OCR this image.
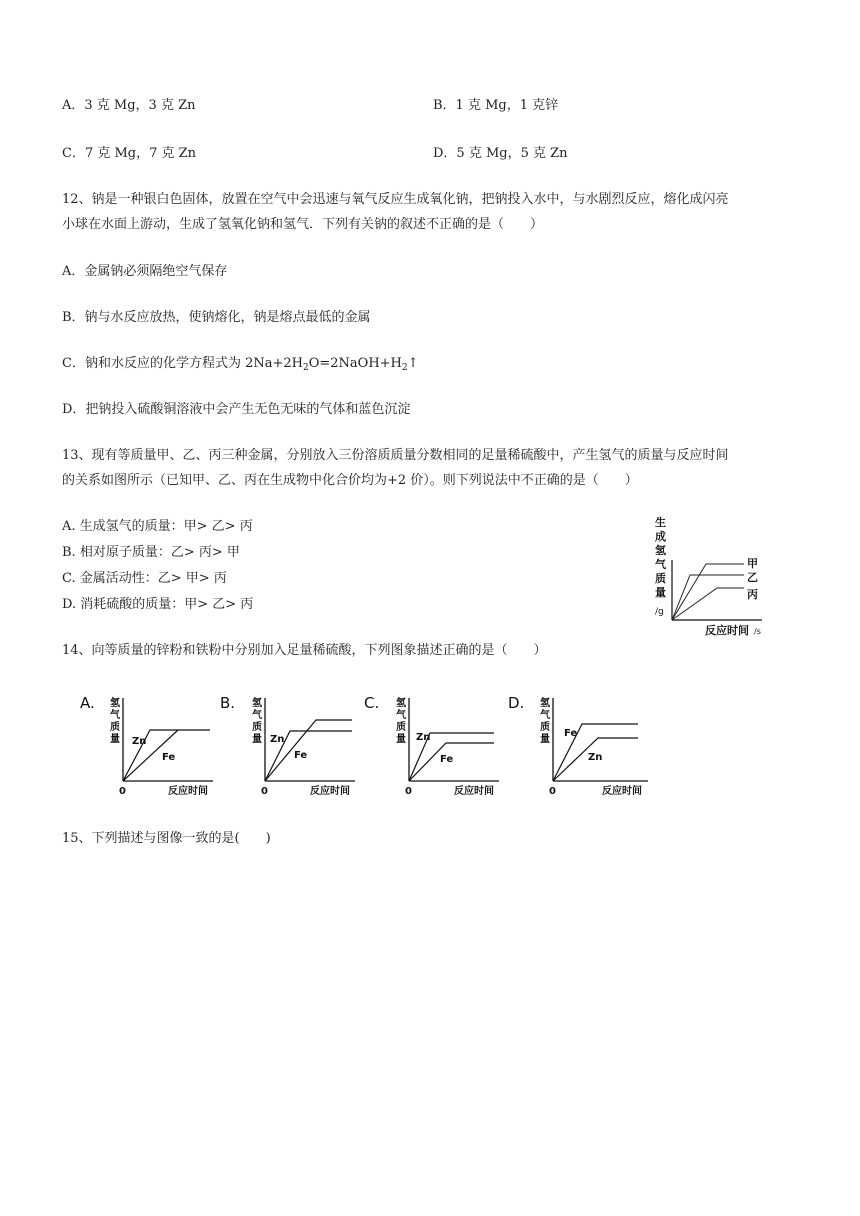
A．3 克 Mg，3 克 Zn	B．1 克 Mg，1 克锌
C．7 克 Mg，7 克 Zn	D．5 克 Mg，5 克 Zn
12、钠是一种银白色固体，放置在空气中会迅速与氧气反应生成氧化钠，把钠投入水中，与水剧烈反应，熔化成闪亮
小球在水面上游动，生成了氢氧化钠和氢气．下列有关钠的叙述不正确的是（　　）
A．金属钠必须隔绝空气保存
B．钠与水反应放热，使钠熔化，钠是熔点最低的金属
C．钠和水反应的化学方程式为 $2Na+2H_2O=2NaOH+H_2↑$
D．把钠投入硫酸铜溶液中会产生无色无味的气体和蓝色沉淀
13、现有等质量甲、乙、丙三种金属，分别放入三份溶质质量分数相同的足量稀硫酸中，产生氢气的质量与反应时间
的关系如图所示（已知甲、乙、丙在生成物中化合价均为+2 价）。则下列说法中不正确的是（　　）
A. 生成氢气的质量：甲> 乙> 丙
B. 相对原子质量：乙> 丙> 甲
C. 金属活动性：乙> 甲> 丙
D. 消耗硫酸的质量：甲> 乙> 丙
生
成
氢
气
质
量
/g
甲
乙
丙
反应时间 /s
14、向等质量的锌粉和铁粉中分别加入足量稀硫酸，下列图象描述正确的是（　　）
A. 氢
气
质
量 Zn
Fe
0	反应时间
B. 氢
气
质
量 Zn
Fe
0	反应时间
C. 氢
气
质
量 Zn
Fe
0	反应时间
D. 氢
气
质
量
Fe
Zn
0	反应时间
15、下列描述与图像一致的是(　　)
